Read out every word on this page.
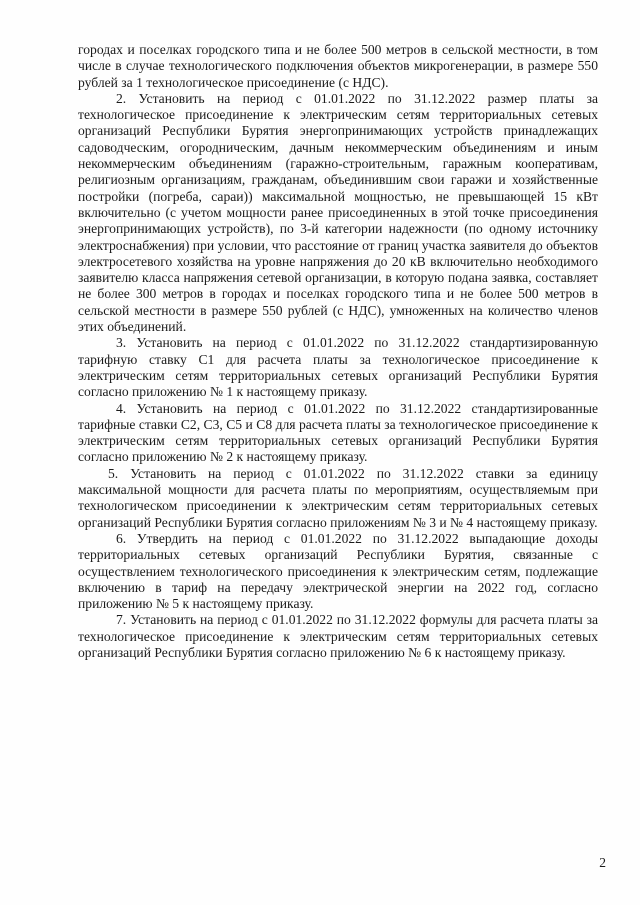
городах и поселках городского типа и не более 500 метров в сельской местности, в том числе в случае технологического подключения объектов микрогенерации, в размере 550 рублей за 1 технологическое присоединение (с НДС).

2. Установить на период с 01.01.2022 по 31.12.2022 размер платы за технологическое присоединение к электрическим сетям территориальных сетевых организаций Республики Бурятия энергопринимающих устройств принадлежащих садоводческим, огородническим, дачным некоммерческим объединениям и иным некоммерческим объединениям (гаражно-строительным, гаражным кооперативам, религиозным организациям, гражданам, объединившим свои гаражи и хозяйственные постройки (погреба, сараи)) максимальной мощностью, не превышающей 15 кВт включительно (с учетом мощности ранее присоединенных в этой точке присоединения энергопринимающих устройств), по 3-й категории надежности (по одному источнику электроснабжения) при условии, что расстояние от границ участка заявителя до объектов электросетевого хозяйства на уровне напряжения до 20 кВ включительно необходимого заявителю класса напряжения сетевой организации, в которую подана заявка, составляет не более 300 метров в городах и поселках городского типа и не более 500 метров в сельской местности в размере 550 рублей (с НДС), умноженных на количество членов этих объединений.

3. Установить на период с 01.01.2022 по 31.12.2022 стандартизированную тарифную ставку С1 для расчета платы за технологическое присоединение к электрическим сетям территориальных сетевых организаций Республики Бурятия согласно приложению № 1 к настоящему приказу.

4. Установить на период с 01.01.2022 по 31.12.2022 стандартизированные тарифные ставки С2, С3, С5 и С8 для расчета платы за технологическое присоединение к электрическим сетям территориальных сетевых организаций Республики Бурятия согласно приложению № 2 к настоящему приказу.

5. Установить на период с 01.01.2022 по 31.12.2022 ставки за единицу максимальной мощности для расчета платы по мероприятиям, осуществляемым при технологическом присоединении к электрическим сетям территориальных сетевых организаций Республики Бурятия согласно приложениям № 3 и № 4 настоящему приказу.

6. Утвердить на период с 01.01.2022 по 31.12.2022 выпадающие доходы территориальных сетевых организаций Республики Бурятия, связанные с осуществлением технологического присоединения к электрическим сетям, подлежащие включению в тариф на передачу электрической энергии на 2022 год, согласно приложению № 5 к настоящему приказу.

7. Установить на период с 01.01.2022 по 31.12.2022 формулы для расчета платы за технологическое присоединение к электрическим сетям территориальных сетевых организаций Республики Бурятия согласно приложению № 6 к настоящему приказу.

2
